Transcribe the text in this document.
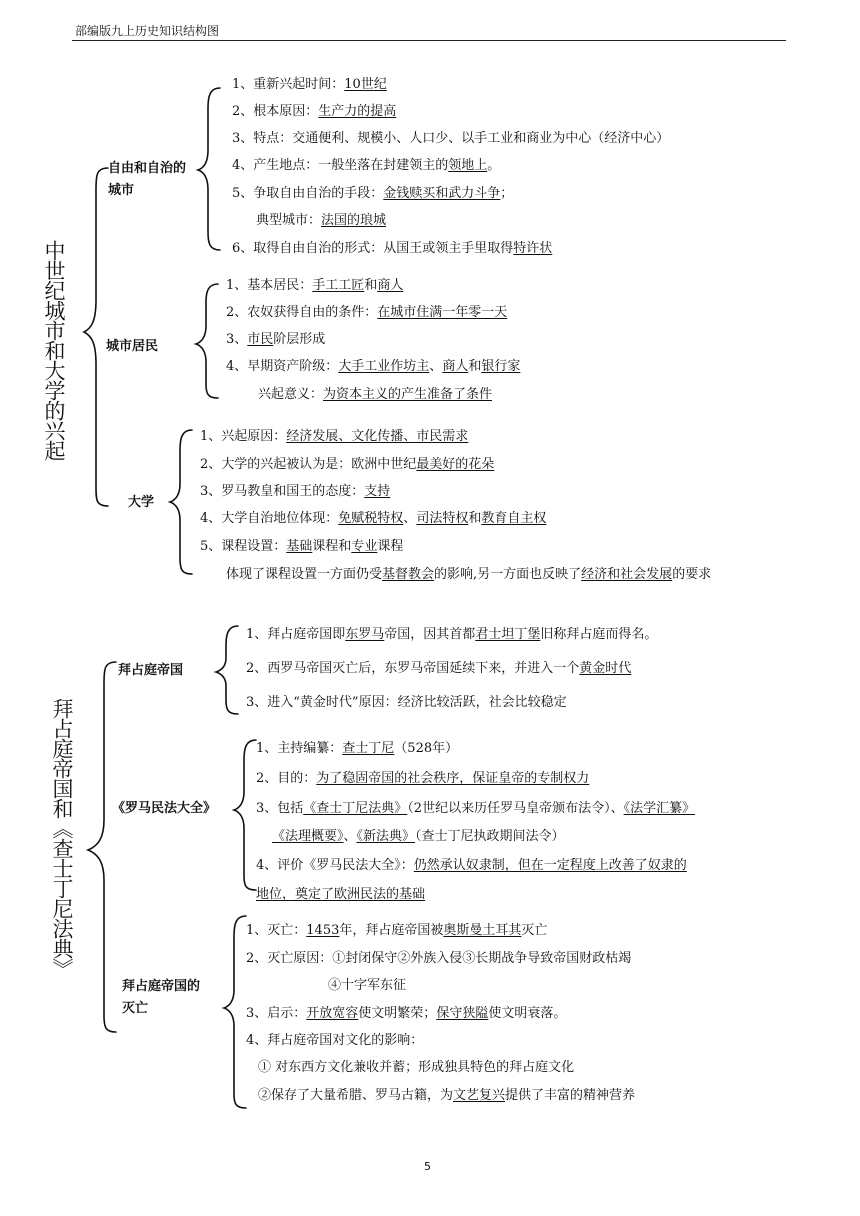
部编版九上历史知识结构图
中世纪城市和大学的兴起
自由和自治的城市
城市居民
大学
1、重新兴起时间：10世纪
2、根本原因：生产力的提高
3、特点：交通便利、规模小、人口少、以手工业和商业为中心（经济中心）
4、产生地点：一般坐落在封建领主的领地上。
5、争取自由自治的手段：金钱赎买和武力斗争；
典型城市：法国的琅城
6、取得自由自治的形式：从国王或领主手里取得特许状
1、基本居民：手工工匠和商人
2、农奴获得自由的条件：在城市住满一年零一天
3、市民阶层形成
4、早期资产阶级：大手工业作坊主、商人和银行家
兴起意义：为资本主义的产生准备了条件
1、兴起原因：经济发展、文化传播、市民需求
2、大学的兴起被认为是：欧洲中世纪最美好的花朵
3、罗马教皇和国王的态度：支持
4、大学自治地位体现：免赋税特权、司法特权和教育自主权
5、课程设置：基础课程和专业课程
体现了课程设置一方面仍受基督教会的影响,另一方面也反映了经济和社会发展的要求
拜占庭帝国和《查士丁尼法典》
拜占庭帝国
《罗马民法大全》
拜占庭帝国的灭亡
1、拜占庭帝国即东罗马帝国，因其首都君士坦丁堡旧称拜占庭而得名。
2、西罗马帝国灭亡后，东罗马帝国延续下来，并进入一个黄金时代
3、进入“黄金时代”原因：经济比较活跃，社会比较稳定
1、主持编纂：查士丁尼（528年）
2、目的：为了稳固帝国的社会秩序，保证皇帝的专制权力
3、包括《查士丁尼法典》（2世纪以来历任罗马皇帝颁布法令）、《法学汇纂》
《法理概要》、《新法典》（查士丁尼执政期间法令）
4、评价《罗马民法大全》：仍然承认奴隶制，但在一定程度上改善了奴隶的
地位，奠定了欧洲民法的基础
1、灭亡：1453年，拜占庭帝国被奥斯曼土耳其灭亡
2、灭亡原因：①封闭保守②外族入侵③长期战争导致帝国财政枯竭
④十字军东征
3、启示：开放宽容使文明繁荣；保守狭隘使文明衰落。
4、拜占庭帝国对文化的影响：
① 对东西方文化兼收并蓄；形成独具特色的拜占庭文化
②保存了大量希腊、罗马古籍，为文艺复兴提供了丰富的精神营养
5
